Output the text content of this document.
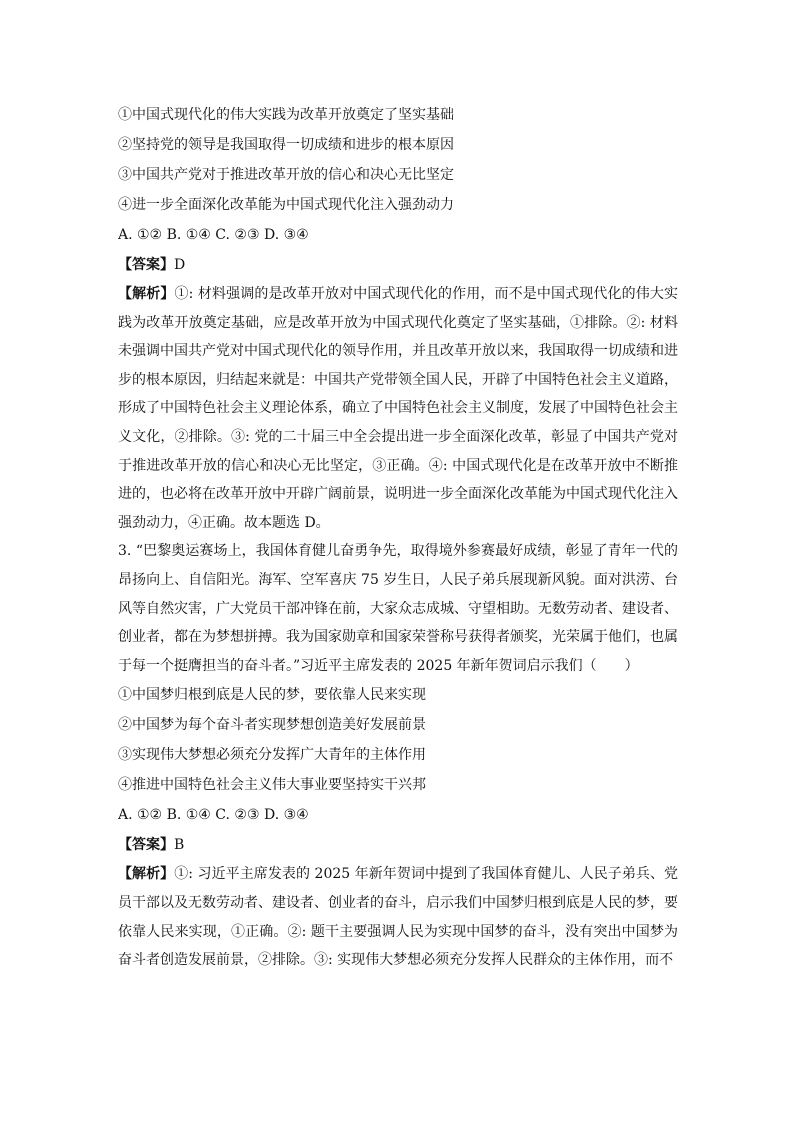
①中国式现代化的伟大实践为改革开放奠定了坚实基础
②坚持党的领导是我国取得一切成绩和进步的根本原因
③中国共产党对于推进改革开放的信心和决心无比坚定
④进一步全面深化改革能为中国式现代化注入强劲动力
A. ①② B. ①④ C. ②③ D. ③④
【答案】D
【解析】①: 材料强调的是改革开放对中国式现代化的作用，而不是中国式现代化的伟大实践为改革开放奠定基础，应是改革开放为中国式现代化奠定了坚实基础，①排除。②: 材料未强调中国共产党对中国式现代化的领导作用，并且改革开放以来，我国取得一切成绩和进步的根本原因，归结起来就是：中国共产党带领全国人民，开辟了中国特色社会主义道路，形成了中国特色社会主义理论体系，确立了中国特色社会主义制度，发展了中国特色社会主义文化，②排除。③: 党的二十届三中全会提出进一步全面深化改革，彰显了中国共产党对于推进改革开放的信心和决心无比坚定，③正确。④: 中国式现代化是在改革开放中不断推进的，也必将在改革开放中开辟广阔前景，说明进一步全面深化改革能为中国式现代化注入强劲动力，④正确。故本题选 D。
3. “巴黎奥运赛场上，我国体育健儿奋勇争先，取得境外参赛最好成绩，彰显了青年一代的昂扬向上、自信阳光。海军、空军喜庆 75 岁生日，人民子弟兵展现新风貌。面对洪涝、台风等自然灾害，广大党员干部冲锋在前，大家众志成城、守望相助。无数劳动者、建设者、创业者，都在为梦想拼搏。我为国家勋章和国家荣誉称号获得者颁奖，光荣属于他们，也属于每一个挺膺担当的奋斗者。”习近平主席发表的 2025 年新年贺词启示我们（　　）
①中国梦归根到底是人民的梦，要依靠人民来实现
②中国梦为每个奋斗者实现梦想创造美好发展前景
③实现伟大梦想必须充分发挥广大青年的主体作用
④推进中国特色社会主义伟大事业要坚持实干兴邦
A. ①② B. ①④ C. ②③ D. ③④
【答案】B
【解析】①: 习近平主席发表的 2025 年新年贺词中提到了我国体育健儿、人民子弟兵、党员干部以及无数劳动者、建设者、创业者的奋斗，启示我们中国梦归根到底是人民的梦，要依靠人民来实现，①正确。②: 题干主要强调人民为实现中国梦的奋斗，没有突出中国梦为奋斗者创造发展前景，②排除。③: 实现伟大梦想必须充分发挥人民群众的主体作用，而不
